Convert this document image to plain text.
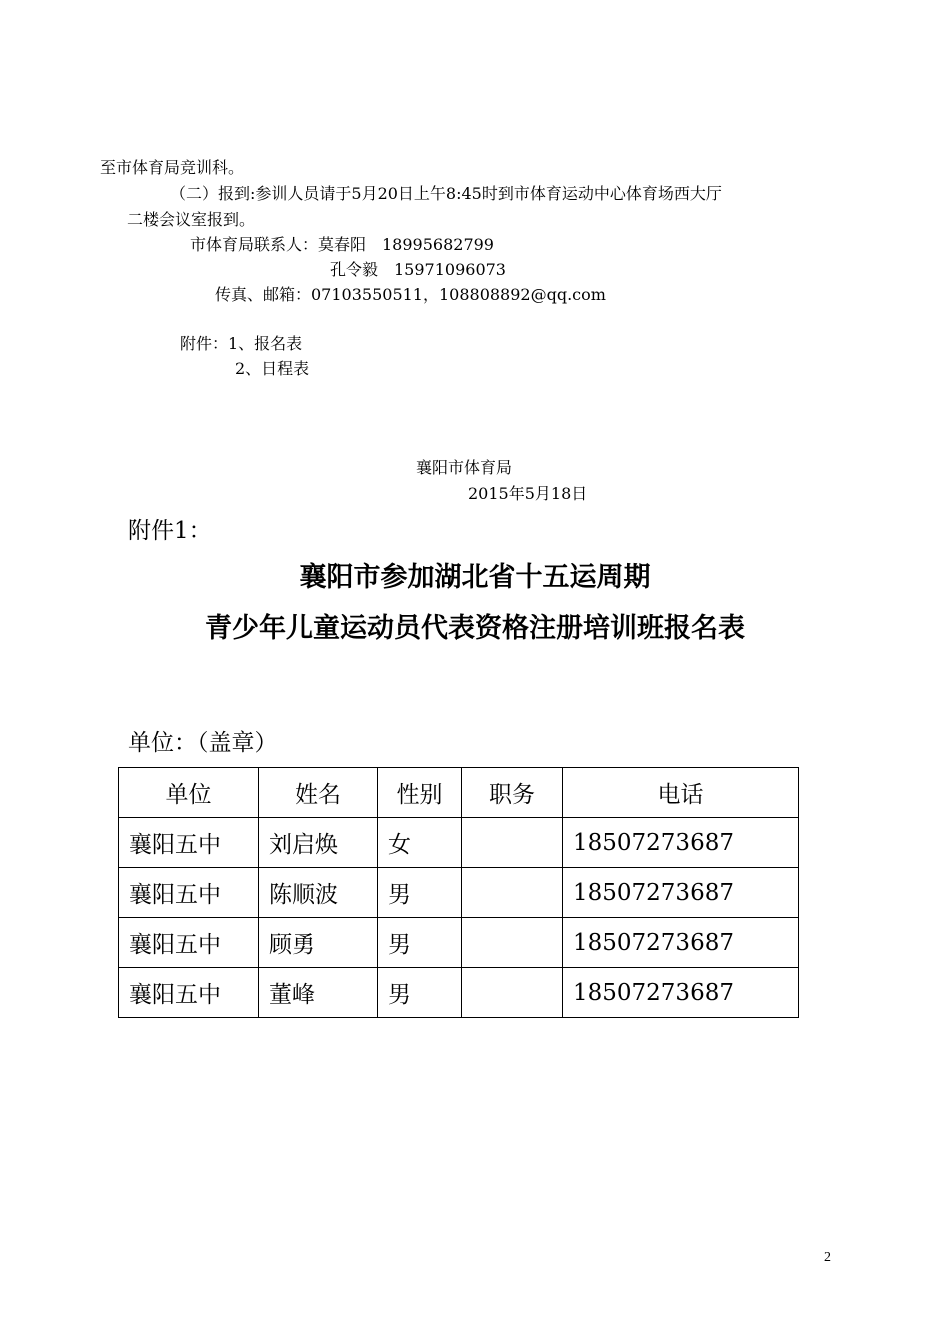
至市体育局竞训科。
（二）报到:参训人员请于5月20日上午8:45时到市体育运动中心体育场西大厅
二楼会议室报到。
市体育局联系人：莫春阳　18995682799
孔令毅　15971096073
传真、邮箱：07103550511，108808892@qq.com
附件：1、报名表
2、日程表
襄阳市体育局
2015年5月18日
附件1：
襄阳市参加湖北省十五运周期
青少年儿童运动员代表资格注册培训班报名表
单位：（盖章）
单位	姓名	性别	职务	电话
襄阳五中	刘启焕	女		18507273687
襄阳五中	陈顺波	男		18507273687
襄阳五中	顾勇	男		18507273687
襄阳五中	董峰	男		18507273687
2
